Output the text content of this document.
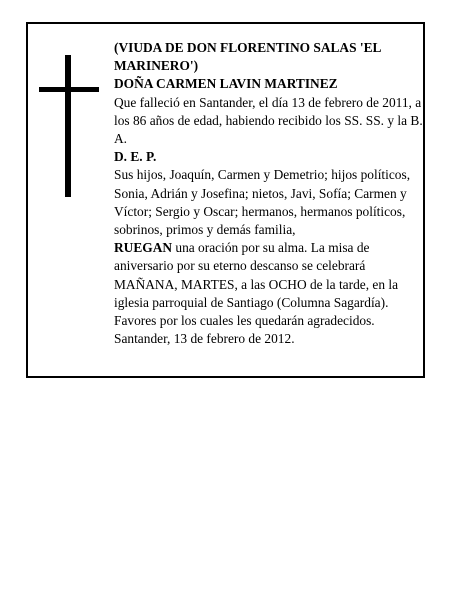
(VIUDA DE DON FLORENTINO SALAS 'EL MARINERO')

DOÑA CARMEN LAVIN MARTINEZ

Que falleció en Santander, el día 13 de febrero de 2011, a los 86 años de edad, habiendo recibido los SS. SS. y la B. A.

D. E. P.

Sus hijos, Joaquín, Carmen y Demetrio; hijos políticos, Sonia, Adrián y Josefina; nietos, Javi, Sofía; Carmen y Víctor; Sergio y Oscar; hermanos, hermanos políticos, sobrinos, primos y demás familia,

RUEGAN una oración por su alma. La misa de aniversario por su eterno descanso se celebrará MAÑANA, MARTES, a las OCHO de la tarde, en la iglesia parroquial de Santiago (Columna Sagardía). Favores por los cuales les quedarán agradecidos.

Santander, 13 de febrero de 2012.
